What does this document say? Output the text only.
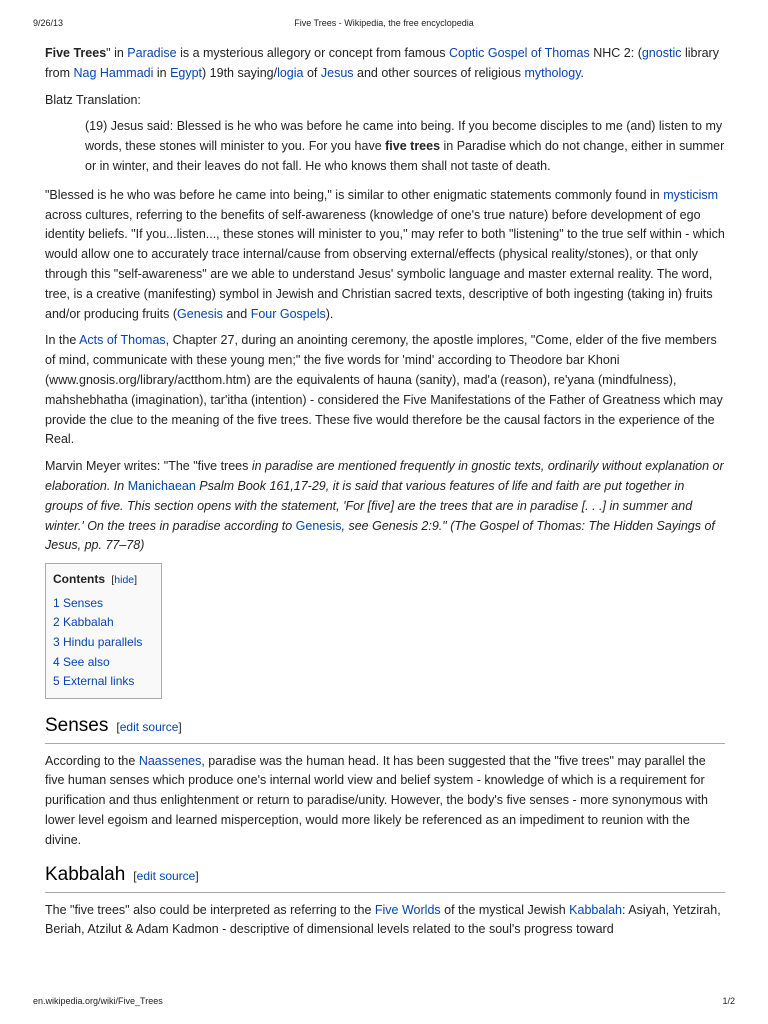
9/26/13	Five Trees - Wikipedia, the free encyclopedia

Five Trees" in Paradise is a mysterious allegory or concept from famous Coptic Gospel of Thomas NHC 2: (gnostic library from Nag Hammadi in Egypt) 19th saying/logia of Jesus and other sources of religious mythology.

Blatz Translation:

(19) Jesus said: Blessed is he who was before he came into being. If you become disciples to me (and) listen to my words, these stones will minister to you. For you have five trees in Paradise which do not change, either in summer or in winter, and their leaves do not fall. He who knows them shall not taste of death.

"Blessed is he who was before he came into being," is similar to other enigmatic statements commonly found in mysticism across cultures, referring to the benefits of self-awareness (knowledge of one's true nature) before development of ego identity beliefs. "If you...listen..., these stones will minister to you," may refer to both "listening" to the true self within - which would allow one to accurately trace internal/cause from observing external/effects (physical reality/stones), or that only through this "self-awareness" are we able to understand Jesus' symbolic language and master external reality. The word, tree, is a creative (manifesting) symbol in Jewish and Christian sacred texts, descriptive of both ingesting (taking in) fruits and/or producing fruits (Genesis and Four Gospels).

In the Acts of Thomas, Chapter 27, during an anointing ceremony, the apostle implores, "Come, elder of the five members of mind, communicate with these young men;" the five words for 'mind' according to Theodore bar Khoni (www.gnosis.org/library/actthom.htm) are the equivalents of hauna (sanity), mad'a (reason), re'yana (mindfulness), mahshebhatha (imagination), tar'itha (intention) - considered the Five Manifestations of the Father of Greatness which may provide the clue to the meaning of the five trees. These five would therefore be the causal factors in the experience of the Real.

Marvin Meyer writes: "The "five trees in paradise are mentioned frequently in gnostic texts, ordinarily without explanation or elaboration. In Manichaean Psalm Book 161,17-29, it is said that various features of life and faith are put together in groups of five. This section opens with the statement, 'For [five] are the trees that are in paradise [. . .] in summer and winter.' On the trees in paradise according to Genesis, see Genesis 2:9." (The Gospel of Thomas: The Hidden Sayings of Jesus, pp. 77–78)

Contents [hide]
1 Senses
2 Kabbalah
3 Hindu parallels
4 See also
5 External links
Senses [edit source]

According to the Naassenes, paradise was the human head. It has been suggested that the "five trees" may parallel the five human senses which produce one's internal world view and belief system - knowledge of which is a requirement for purification and thus enlightenment or return to paradise/unity. However, the body's five senses - more synonymous with lower level egoism and learned misperception, would more likely be referenced as an impediment to reunion with the divine.

Kabbalah [edit source]

The "five trees" also could be interpreted as referring to the Five Worlds of the mystical Jewish Kabbalah: Asiyah, Yetzirah, Beriah, Atzilut & Adam Kadmon - descriptive of dimensional levels related to the soul's progress toward

en.wikipedia.org/wiki/Five_Trees	1/2
